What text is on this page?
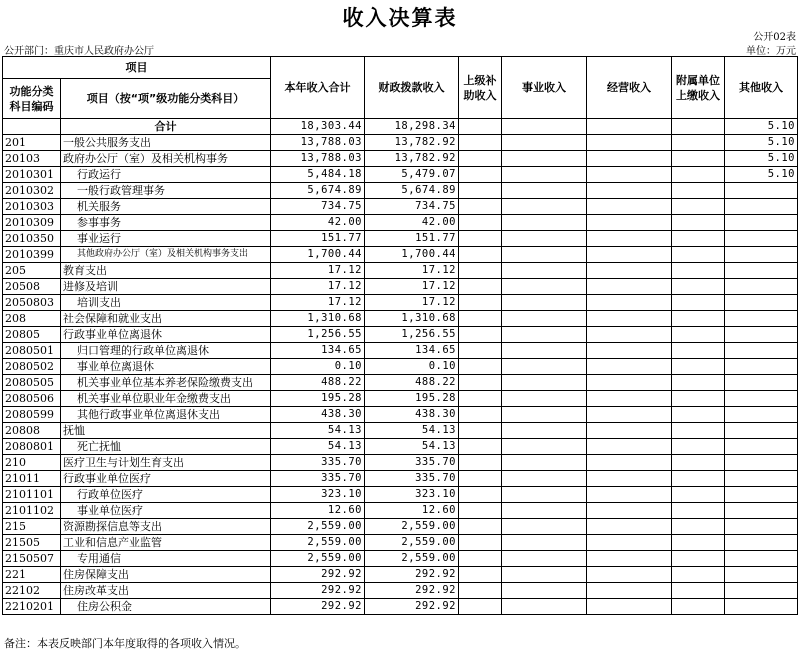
收入决算表
公开02表
公开部门：重庆市人民政府办公厅	单位：万元
项目		本年收入合计	财政拨款收入	上级补助收入	事业收入	经营收入	附属单位上缴收入	其他收入
功能分类科目编码	项目（按“项”级功能分类科目）							
	合计	18,303.44	18,298.34					5.10
201	一般公共服务支出	13,788.03	13,782.92					5.10
20103	政府办公厅（室）及相关机构事务	13,788.03	13,782.92					5.10
2010301	行政运行	5,484.18	5,479.07					5.10
2010302	一般行政管理事务	5,674.89	5,674.89					
2010303	机关服务	734.75	734.75					
2010309	参事事务	42.00	42.00					
2010350	事业运行	151.77	151.77					
2010399	其他政府办公厅（室）及相关机构事务支出	1,700.44	1,700.44					
205	教育支出	17.12	17.12					
20508	进修及培训	17.12	17.12					
2050803	培训支出	17.12	17.12					
208	社会保障和就业支出	1,310.68	1,310.68					
20805	行政事业单位离退休	1,256.55	1,256.55					
2080501	归口管理的行政单位离退休	134.65	134.65					
2080502	事业单位离退休	0.10	0.10					
2080505	机关事业单位基本养老保险缴费支出	488.22	488.22					
2080506	机关事业单位职业年金缴费支出	195.28	195.28					
2080599	其他行政事业单位离退休支出	438.30	438.30					
20808	抚恤	54.13	54.13					
2080801	死亡抚恤	54.13	54.13					
210	医疗卫生与计划生育支出	335.70	335.70					
21011	行政事业单位医疗	335.70	335.70					
2101101	行政单位医疗	323.10	323.10					
2101102	事业单位医疗	12.60	12.60					
215	资源勘探信息等支出	2,559.00	2,559.00					
21505	工业和信息产业监管	2,559.00	2,559.00					
2150507	专用通信	2,559.00	2,559.00					
221	住房保障支出	292.92	292.92					
22102	住房改革支出	292.92	292.92					
2210201	住房公积金	292.92	292.92					
备注：本表反映部门本年度取得的各项收入情况。
